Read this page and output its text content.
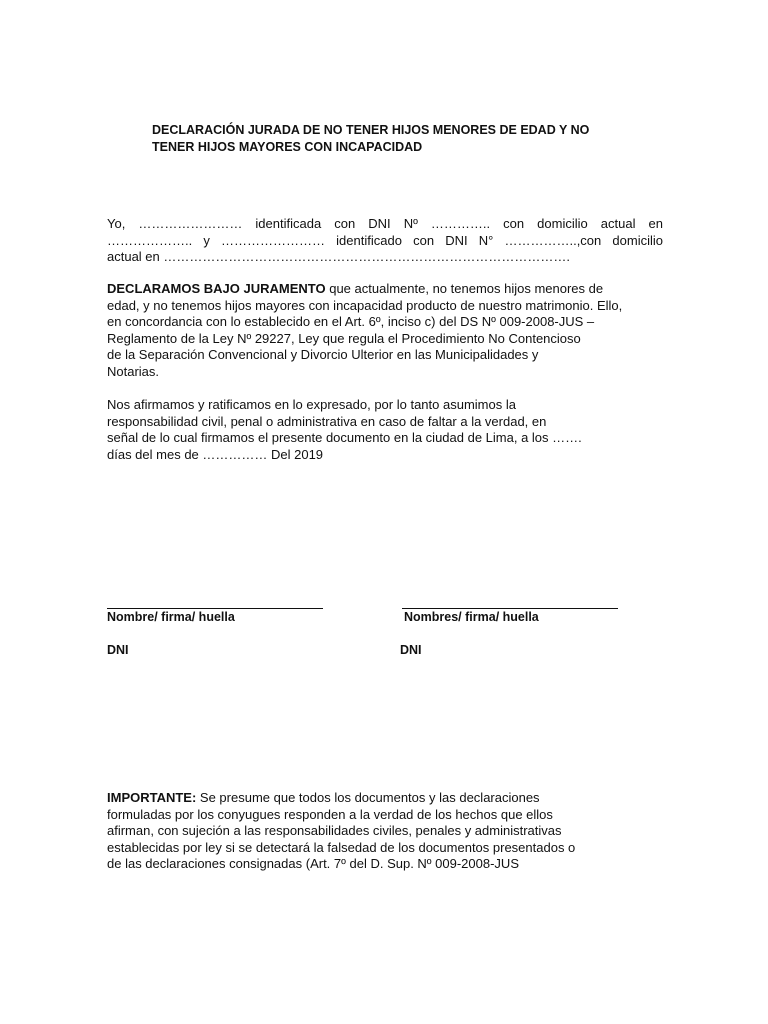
DECLARACIÓN JURADA DE NO TENER HIJOS MENORES DE EDAD Y NO
TENER HIJOS MAYORES CON INCAPACIDAD

Yo, …………………… identificada con DNI Nº ………….. con domicilio actual en
……………….. y …………………… identificado con DNI N° ……………..,con domicilio
actual en ………………………………………………………………………………….

DECLARAMOS BAJO JURAMENTO que actualmente, no tenemos hijos menores de
edad, y no tenemos hijos mayores con incapacidad producto de nuestro matrimonio. Ello,
en concordancia con lo establecido en el Art. 6º, inciso c) del DS Nº 009-2008-JUS –
Reglamento de la Ley Nº 29227, Ley que regula el Procedimiento No Contencioso
de la Separación Convencional y Divorcio Ulterior en las Municipalidades y
Notarias.

Nos afirmamos y ratificamos en lo expresado, por lo tanto asumimos la
responsabilidad civil, penal o administrativa en caso de faltar a la verdad, en
señal de lo cual firmamos el presente documento en la ciudad de Lima, a los …….
días del mes de …………… Del 2019

Nombre/ firma/ huella	Nombres/ firma/ huella
DNI	DNI

IMPORTANTE: Se presume que todos los documentos y las declaraciones
formuladas por los conyugues responden a la verdad de los hechos que ellos
afirman, con sujeción a las responsabilidades civiles, penales y administrativas
establecidas por ley si se detectará la falsedad de los documentos presentados o
de las declaraciones consignadas (Art. 7º del D. Sup. Nº 009-2008-JUS
